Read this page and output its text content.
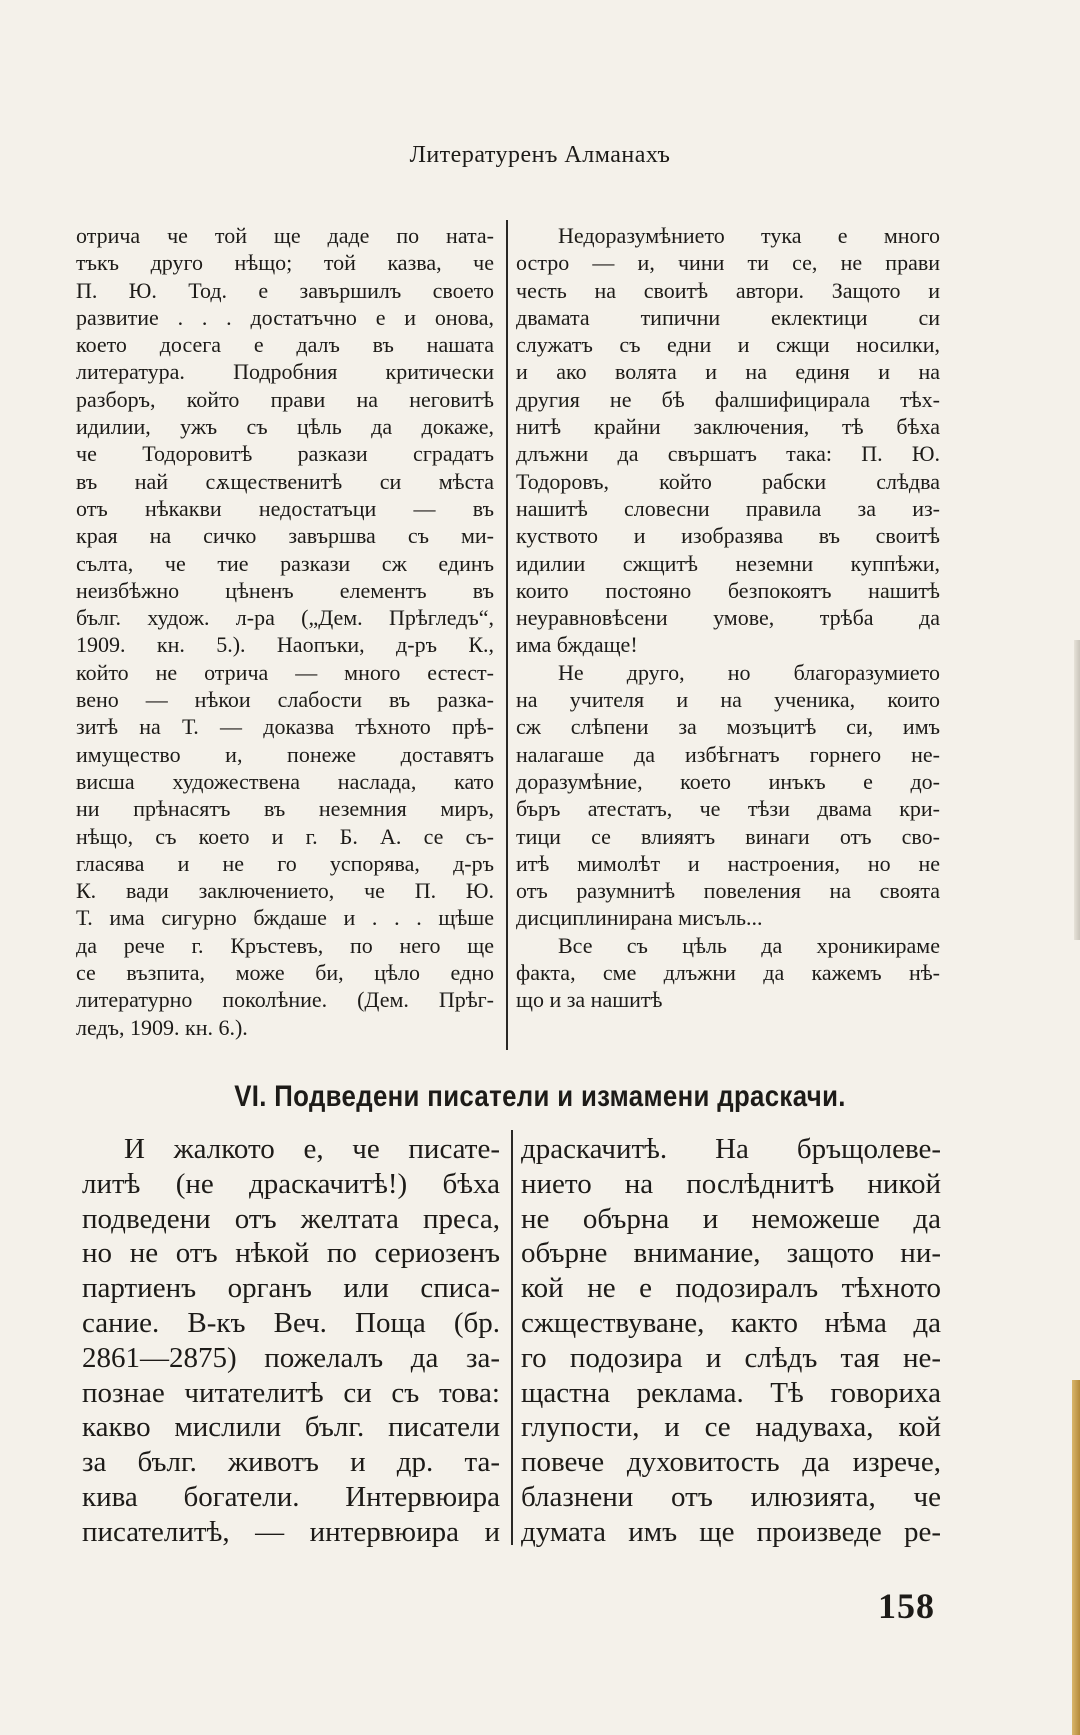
Литературенъ Алманахъ
отрича че той ще даде по ната-
тъкъ друго нѣщо; той казва, че
П. Ю. Тод. е завършилъ своето
развитие . . . достатъчно е и онова,
което досега е далъ въ нашата
литература. Подробния критически
разборъ, който прави на неговитѣ
идилии, ужъ съ цѣль да докаже,
че Тодоровитѣ разкази сградатъ
въ най сѫщественитѣ си мѣста
отъ нѣкакви недостатъци — въ
края на сичко завършва съ ми-
сълта, че тие разкази сж единъ
неизбѣжно цѣненъ елементъ въ
бълг. худож. л-ра („Дем. Прѣгледъ“,
1909. кн. 5.). Наопъки, д-ръ К.,
който не отрича — много естест-
вено — нѣкои слабости въ разка-
зитѣ на Т. — доказва тѣхното прѣ-
имущество и, понеже доставятъ
висша художествена наслада, като
ни прѣнасятъ въ неземния миръ,
нѣщо, съ което и г. Б. А. се съ-
гласява и не го успорява, д-ръ
К. вади заключението, че П. Ю.
Т. има сигурно бждаше и . . . щѣше
да рече г. Кръстевъ, по него ще
се възпита, може би, цѣло едно
литературно поколѣние. (Дем. Прѣг-
ледъ, 1909. кн. 6.).
Недоразумѣнието тука е много
остро — и, чини ти се, не прави
честь на своитѣ автори. Защото и
двамата типични еклектици си
служатъ съ едни и сжщи носилки,
и ако волята и на единя и на
другия не бѣ фалшифицирала тѣх-
нитѣ крайни заключения, тѣ бѣха
длъжни да свършатъ така: П. Ю.
Тодоровъ, който рабски слѣдва
нашитѣ словесни правила за из-
куството и изобразява въ своитѣ
идилии сжщитѣ неземни куппѣжи,
които постояно безпокоятъ нашитѣ
неуравновѣсени умове, трѣба да
има бждаще!
Не друго, но благоразумието
на учителя и на ученика, които
сж слѣпени за мозъцитѣ си, имъ
налагаше да избѣгнатъ горнего не-
доразумѣние, което инъкъ е до-
бъръ атестатъ, че тѣзи двама кри-
тици се влияятъ винаги отъ сво-
итѣ мимолѣт и настроения, но не
отъ разумнитѣ повеления на своята
дисциплинирана мисъль...
Все съ цѣль да хроникираме
факта, сме длъжни да кажемъ нѣ-
що и за нашитѣ
VI. Подведени писатели и измамени драскачи.
И жалкото е, че писате-
литѣ (не драскачитѣ!) бѣха
подведени отъ желтата преса,
но не отъ нѣкой по сериозенъ
партиенъ органъ или списа-
сание. В-къ Веч. Поща (бр.
2861—2875) пожелалъ да за-
познае читателитѣ си съ това:
какво мислили бълг. писатели
за бълг. животъ и др. та-
кива богатели. Интервюира
писателитѣ, — интервюира и
драскачитѣ. На бръщолеве-
нието на послѣднитѣ никой
не обърна и неможеше да
обърне внимание, защото ни-
кой не е подозиралъ тѣхното
сжществуване, както нѣма да
го подозира и слѣдъ тая не-
щастна реклама. Тѣ говориха
глупости, и се надуваха, кой
повече духовитость да изрече,
блазнени отъ илюзията, че
думата имъ ще произведе ре-
158
